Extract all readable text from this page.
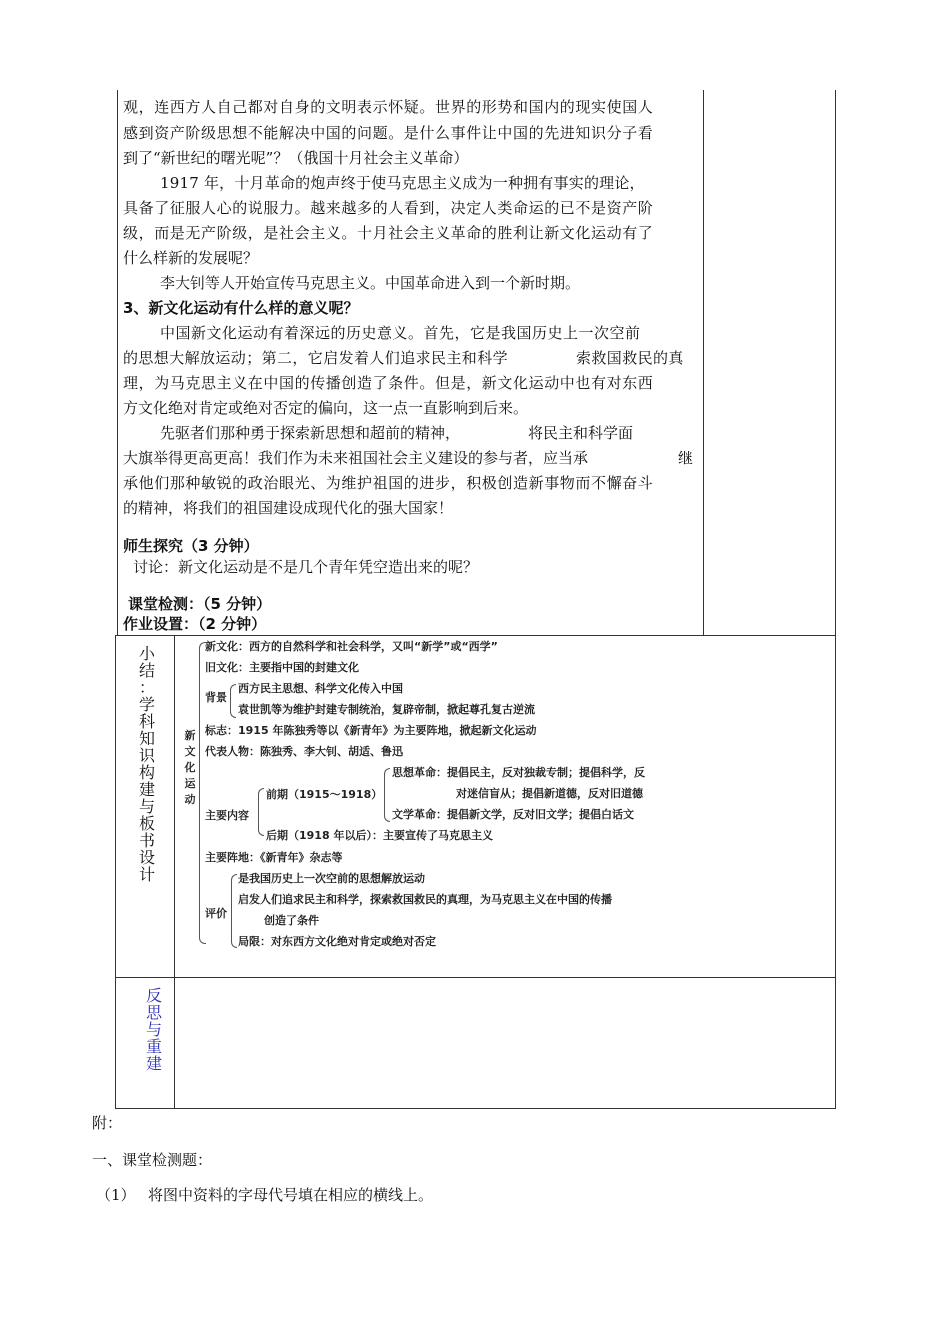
观，连西方人自己都对自身的文明表示怀疑。世界的形势和国内的现实使国人
感到资产阶级思想不能解决中国的问题。是什么事件让中国的先进知识分子看
到了“新世纪的曙光呢”？（俄国十月社会主义革命）
1917 年，十月革命的炮声终于使马克思主义成为一种拥有事实的理论，
具备了征服人心的说服力。越来越多的人看到，决定人类命运的已不是资产阶
级，而是无产阶级，是社会主义。十月社会主义革命的胜利让新文化运动有了
什么样新的发展呢？
李大钊等人开始宣传马克思主义。中国革命进入到一个新时期。
3、新文化运动有什么样的意义呢？
中国新文化运动有着深远的历史意义。首先，它是我国历史上一次空前
的思想大解放运动；第二，它启发着人们追求民主和科学	索救国救民的真
理，为马克思主义在中国的传播创造了条件。但是，新文化运动中也有对东西
方文化绝对肯定或绝对否定的偏向，这一点一直影响到后来。
先驱者们那种勇于探索新思想和超前的精神，	将民主和科学面
大旗举得更高更高！我们作为未来祖国社会主义建设的参与者，应当承	继
承他们那种敏锐的政治眼光、为维护祖国的进步，积极创造新事物而不懈奋斗
的精神，将我们的祖国建设成现代化的强大国家！
师生探究（3 分钟）
讨论：新文化运动是不是几个青年凭空造出来的呢？
课堂检测：（5 分钟）
作业设置：（2 分钟）
小
结
：
学
科
知
识
构
建
与
板
书
设
计
新
文
化
运
动
新文化：西方的自然科学和社会科学，又叫“新学”或“西学”
旧文化：主要指中国的封建文化
背景
西方民主思想、科学文化传入中国
袁世凯等为维护封建专制统治，复辟帝制，掀起尊孔复古逆流
标志：1915 年陈独秀等以《新青年》为主要阵地，掀起新文化运动
代表人物：陈独秀、李大钊、胡适、鲁迅
主要内容
前期（1915～1918）
思想革命：提倡民主，反对独裁专制；提倡科学，反
对迷信盲从；提倡新道德，反对旧道德
文学革命：提倡新文学，反对旧文学；提倡白话文
后期（1918 年以后）：主要宣传了马克思主义
主要阵地：《新青年》杂志等
评价
是我国历史上一次空前的思想解放运动
启发人们追求民主和科学，探索救国救民的真理，为马克思主义在中国的传播
创造了条件
局限：对东西方文化绝对肯定或绝对否定
反
思
与
重
建
附：
一、课堂检测题：
（1） 将图中资料的字母代号填在相应的横线上。
